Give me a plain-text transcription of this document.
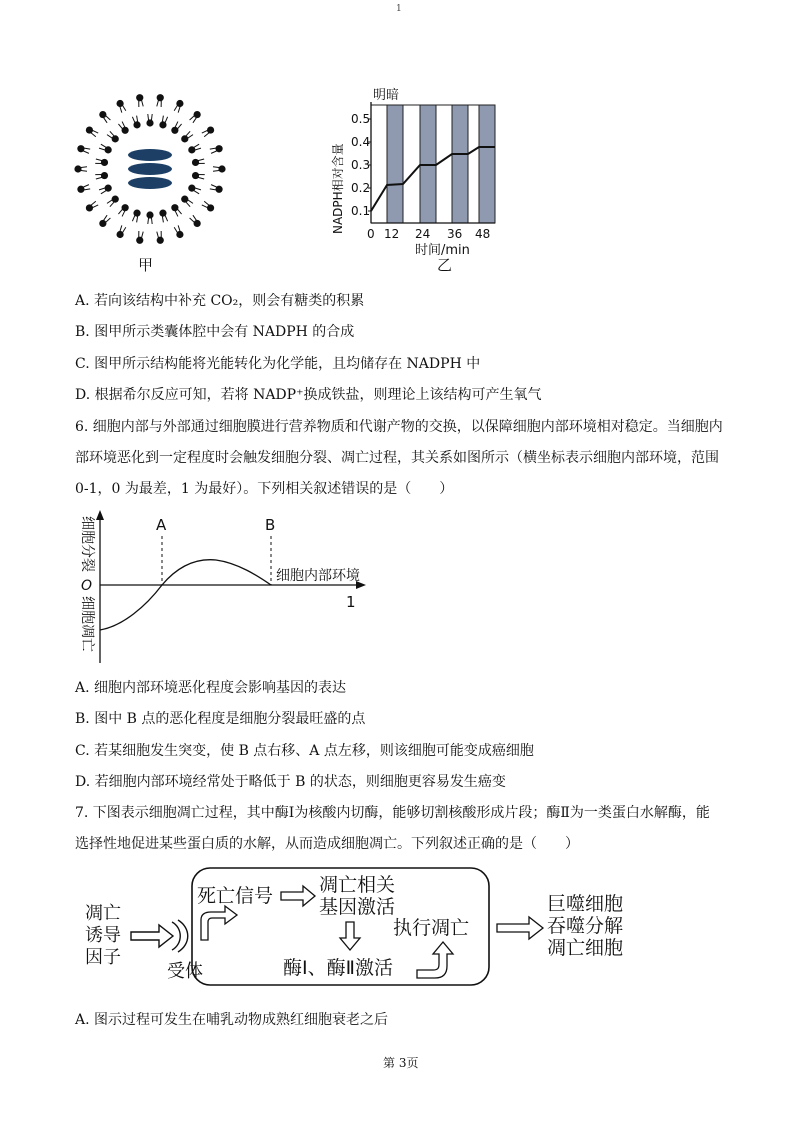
1
甲
0.1
0.2
0.3
0.4
0.5
0 12 24 36 48
明暗
时间/min
NADPH相对含量
乙
A. 若向该结构中补充 CO₂，则会有糖类的积累
B. 图甲所示类囊体腔中会有 NADPH 的合成
C. 图甲所示结构能将光能转化为化学能，且均储存在 NADPH 中
D. 根据希尔反应可知，若将 NADP⁺换成铁盐，则理论上该结构可产生氧气
6. 细胞内部与外部通过细胞膜进行营养物质和代谢产物的交换，以保障细胞内部环境相对稳定。当细胞内
部环境恶化到一定程度时会触发细胞分裂、凋亡过程，其关系如图所示（横坐标表示细胞内部环境，范围
0-1，0 为最差，1 为最好）。下列相关叙述错误的是（　　）
A	B
O
1
细胞内部环境
细胞分裂
细胞凋亡
A. 细胞内部环境恶化程度会影响基因的表达
B. 图中 B 点的恶化程度是细胞分裂最旺盛的点
C. 若某细胞发生突变，使 B 点右移、A 点左移，则该细胞可能变成癌细胞
D. 若细胞内部环境经常处于略低于 B 的状态，则细胞更容易发生癌变
7. 下图表示细胞凋亡过程，其中酶Ⅰ为核酸内切酶，能够切割核酸形成片段；酶Ⅱ为一类蛋白水解酶，能
选择性地促进某些蛋白质的水解，从而造成细胞凋亡。下列叙述正确的是（　　）
凋亡
诱导
因子
受体
死亡信号 凋亡相关
基因激活
酶Ⅰ、酶Ⅱ激活
执行凋亡
巨噬细胞
吞噬分解
凋亡细胞
A. 图示过程可发生在哺乳动物成熟红细胞衰老之后
第 3页
